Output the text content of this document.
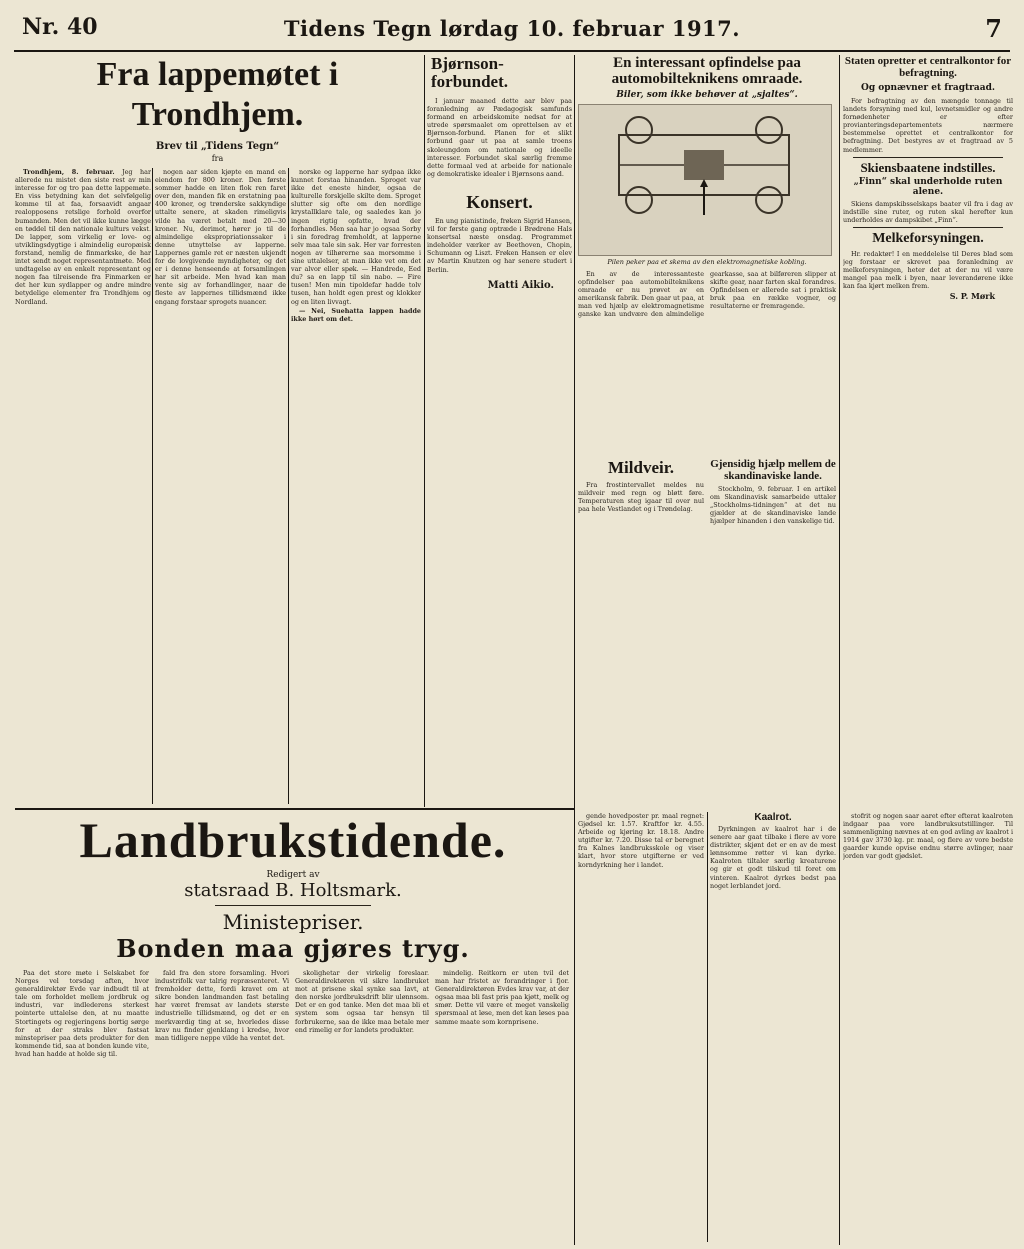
Nr. 40	Tidens Tegn lørdag 10. februar 1917.	7
Fra lappemøtet i Trondhjem.
Brev til „Tidens Tegn“
fra

Trondhjem, 8. februar. Jeg har allerede nu mistet den siste rest av min interesse for og tro paa dette lappemøte. En viss betydning kan det selvfølgelig komme til at faa, forsaavidt angaar realopposens retslige forhold overfor bumanden. Men det vil ikke kunne lægge en tøddel til den nationale kulturs vekst. De lapper, som virkelig er love- og utviklingsdygtige i almindelig europæisk forstand, nemlig de finmarkske, de har intet sendt noget representantmøte. Med undtagelse av en enkelt representant og nogen faa tilreisende fra Finmarken er det her kun sydlapper og andre mindre betydelige elementer fra Trondhjem og Nordland.

nogen aar siden kjøpte en mand en eiendom for 800 kroner. Den første sommer hadde en liten flok ren faret over den, manden fik en erstatning paa 400 kroner, og trønderske sakkyndige uttalte senere, at skaden rimeligvis vilde ha været betalt med 20—30 kroner. Nu, derimot, hører jo til de almindelige ekspropriationssaker i denne utnyttelse av lapperne. Lappernes gamle ret er næsten ukjendt for de lovgivende myndigheter, og det er i denne henseende at forsamlingen har sit arbeide. Men hvad kan man vente sig av forhandlinger, naar de fleste av lappernes tillidsmænd ikke engang forstaar sprogets nuancer.

norske og lapperne har sydpaa ikke kunnet forstaa hinanden. Sproget var ikke det eneste hinder, ogsaa de kulturelle forskjelle skilte dem. Sproget slutter sig ofte om den nordlige krystallklare tale, og saaledes kan jo ingen rigtig opfatte, hvad der forhandles. Men saa har jo ogsaa Sorby i sin foredrag fremholdt, at lapperne selv maa tale sin sak. Her var forresten nogen av tilhørerne saa morsomme i sine uttalelser, at man ikke vet om det var alvor eller spøk. — Handrede, Eed du? sa en lapp til sin nabo. — Fire tusen! Men min tipoldefar hadde tolv tusen, han holdt egen prest og klokker og en liten livvagt.

— Nei, Suehatta lappen hadde ikke hørt om det.

Bjørnson-forbundet.

I januar maaned dette aar blev paa foranledning av Pædagogisk samfunds formand en arbeidskomite nedsat for at utrede spørsmaalet om oprettelsen av et Bjørnson-forbund. Planen for et slikt forbund gaar ut paa at samle troens skoleungdom om nationale og ideelle interesser. Forbundet skal særlig fremme dette formaal ved at arbeide for nationale og demokratiske idealer i Bjørnsons aand.

Konsert.

En ung pianistinde, frøken Sigrid Hansen, vil for første gang optræde i Brødrene Hals konsertsal næste onsdag. Programmet indeholder værker av Beethoven, Chopin, Schumann og Liszt. Frøken Hansen er elev av Martin Knutzen og har senere studert i Berlin.

Matti Aikio.
En interessant opfindelse paa automobilteknikens omraade.
Biler, som ikke behøver at „sjaltes“.
Pilen peker paa et skema av den elektromagnetiske kobling.

En av de interessanteste opfindelser paa automobilteknikens omraade er nu prøvet av en amerikansk fabrik. Den gaar ut paa, at man ved hjælp av elektromagnetisme ganske kan undvære den almindelige gearkasse, saa at bilføreren slipper at skifte gear, naar farten skal forandres. Opfindelsen er allerede sat i praktisk bruk paa en række vogner, og resultaterne er fremragende.

Mildveir.

Fra frostintervallet meldes nu mildveir med regn og bløtt føre. Temperaturen steg igaar til over nul paa hele Vestlandet og i Trøndelag.

Gjensidig hjælp mellem de skandinaviske lande.

Stockholm, 9. februar. I en artikel om Skandinavisk samarbeide uttaler „Stockholms-tidningen“ at det nu gjælder at de skandinaviske lande hjælper hinanden i den vanskelige tid.

Staten opretter et centralkontor for befragtning.
Og opnævner et fragtraad.

For befragtning av den mængde tonnage til landets forsyning med kul, levnetsmidler og andre fornødenheter er efter provianteringsdepartementets nærmere bestemmelse oprettet et centralkontor for befragtning. Det bestyres av et fragtraad av 5 medlemmer.

Skiensbaatene indstilles.
„Finn“ skal underholde ruten alene.

Skiens dampskibsselskaps baater vil fra i dag av indstille sine ruter, og ruten skal herefter kun underholdes av dampskibet „Finn“.

Melkeforsyningen.

Hr. redaktør! I en meddelelse til Deres blad som jeg forstaar er skrevet paa foranledning av melkeforsyningen, heter det at der nu vil være mangel paa melk i byen, naar leverandørene ikke kan faa kjørt melken frem.

S. P. Mørk
Landbrukstidende.
Redigert av
statsraad B. Holtsmark.
Ministepriser.
Bonden maa gjøres tryg.

Paa det store møte i Selskabet for Norges vel torsdag aften, hvor generaldirektør Evde var indbudt til at tale om forholdet mellem jordbruk og industri, var indlederens sterkest pointerte uttalelse den, at nu maatte Stortingets og regjeringens bortig sørge for at der straks blev fastsat minstepriser paa dets produkter for den kommende tid, saa at bonden kunde vite, hvad han hadde at holde sig til.

fald fra den store forsamling. Hvori industrifolk var talrig repræsenteret. Vi fremholder dette, fordi kravet om at sikre bonden landmanden fast betaling har været fremsat av landets største industrielle tillidsmænd, og det er en merkværdig ting at se, hvorledes disse krav nu finder gjenklang i kredse, hvor man tidligere neppe vilde ha ventet det.

skolighetar der virkelig foreslaar. Generaldirektøren vil sikre landbruket mot at prisene skal synke saa lavt, at den norske jordbruksdrift blir ulønnsom. Det er en god tanke. Men det maa bli et system som ogsaa tar hensyn til forbrukerne, saa de ikke maa betale mer end rimelig er for landets produkter.

mindelig. Reitkorn er uten tvil det man har fristet av forandringer i fjor. Generaldirektøren Evdes krav var, at der ogsaa maa bli fast pris paa kjøtt, melk og smør. Dette vil være et meget vanskelig spørsmaal at løse, men det kan løses paa samme maate som kornprisene.

gende hovedposter pr. maal regnet: Gjødsel kr. 1.57. Kraftfor kr. 4.55. Arbeide og kjøring kr. 18.18. Andre utgifter kr. 7.20. Disse tal er beregnet fra Kalnes landbruksskole og viser klart, hvor store utgifterne er ved korndyrkning her i landet.

Kaalrot.

Dyrkningen av kaalrot har i de senere aar gaat tilbake i flere av vore distrikter, skjønt det er en av de mest lønnsomme røtter vi kan dyrke. Kaalroten tiltaler særlig kreaturene og gir et godt tilskud til foret om vinteren. Kaalrot dyrkes bedst paa noget lerblandet jord.

stofrit og nogen saar aaret efter efterat kaalroten indgaar paa vore landbruksutstillinger. Til sammenligning nævnes at en god avling av kaalrot i 1914 gav 3730 kg. pr. maal, og flere av vore bedste gaarder kunde opvise endnu større avlinger, naar jorden var godt gjødslet.
